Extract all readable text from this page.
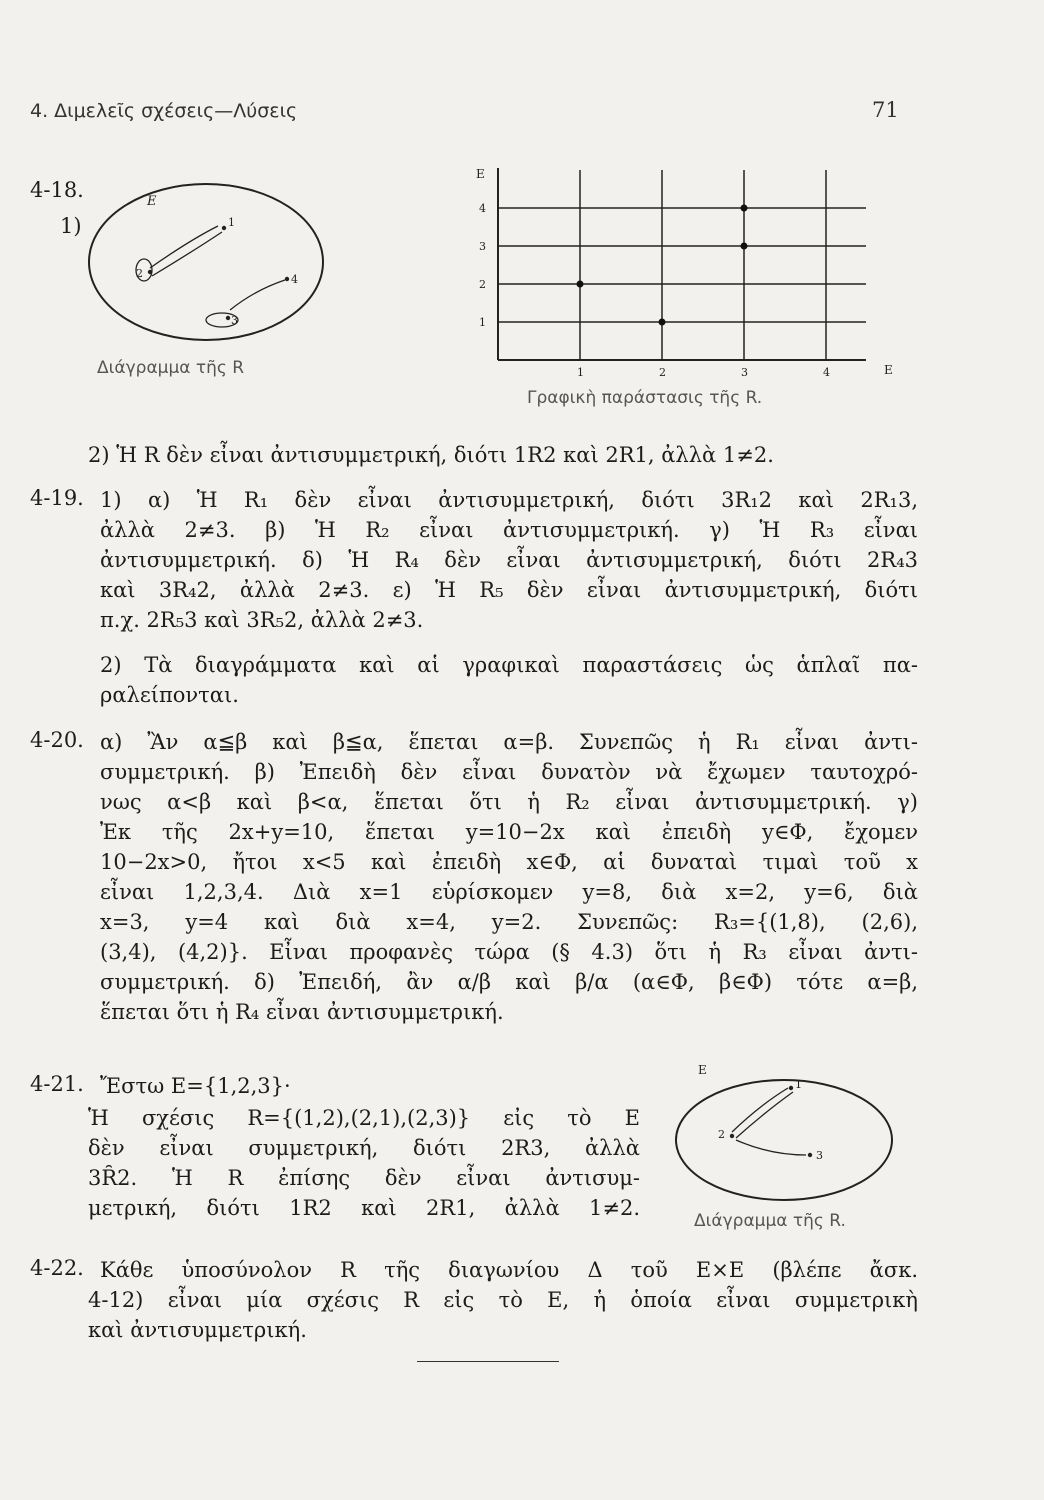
4. Διμελεῖς σχέσεις—Λύσεις	71
4-18.
1)
E
1
2	4
3
Διάγραμμα τῆς R
1
2
3
4
1	2	3	4
E
E
Γραφικὴ παράστασις τῆς R.
2) Ἡ R δὲν εἶναι ἀντισυμμετρική, διότι 1R2 καὶ 2R1, ἀλλὰ 1≠2.
4-19. 1) α) Ἡ R₁ δὲν εἶναι ἀντισυμμετρική, διότι 3R₁2 καὶ 2R₁3,
ἀλλὰ 2≠3. β) Ἡ R₂ εἶναι ἀντισυμμετρική. γ) Ἡ R₃ εἶναι
ἀντισυμμετρική. δ) Ἡ R₄ δὲν εἶναι ἀντισυμμετρική, διότι 2R₄3
καὶ 3R₄2, ἀλλὰ 2≠3. ε) Ἡ R₅ δὲν εἶναι ἀντισυμμετρική, διότι
π.χ. 2R₅3 καὶ 3R₅2, ἀλλὰ 2≠3.
2) Τὰ διαγράμματα καὶ αἱ γραφικαὶ παραστάσεις ὡς ἁπλαῖ πα-
ραλείπονται.
4-20. α) Ἂν α≦β καὶ β≦α, ἕπεται α=β. Συνεπῶς ἡ R₁ εἶναι ἀντι-
συμμετρική. β) Ἐπειδὴ δὲν εἶναι δυνατὸν νὰ ἔχωμεν ταυτοχρό-
νως α<β καὶ β<α, ἕπεται ὅτι ἡ R₂ εἶναι ἀντισυμμετρική. γ)
Ἐκ τῆς 2x+y=10, ἕπεται y=10−2x καὶ ἐπειδὴ y∈Φ, ἔχομεν
10−2x>0, ἤτοι x<5 καὶ ἐπειδὴ x∈Φ, αἱ δυναταὶ τιμαὶ τοῦ x
εἶναι 1,2,3,4. Διὰ x=1 εὑρίσκομεν y=8, διὰ x=2, y=6, διὰ
x=3, y=4 καὶ διὰ x=4, y=2. Συνεπῶς: R₃={(1,8), (2,6),
(3,4), (4,2)}. Εἶναι προφανὲς τώρα (§ 4.3) ὅτι ἡ R₃ εἶναι ἀντι-
συμμετρική. δ) Ἐπειδή, ἂν α/β καὶ β/α (α∈Φ, β∈Φ) τότε α=β,
ἕπεται ὅτι ἡ R₄ εἶναι ἀντισυμμετρική.
4-21. Ἔστω E={1,2,3}·
Ἡ σχέσις R={(1,2),(2,1),(2,3)} εἰς τὸ E
δὲν εἶναι συμμετρική, διότι 2R3, ἀλλὰ
3Ȓ2. Ἡ R ἐπίσης δὲν εἶναι ἀντισυμ-
μετρική, διότι 1R2 καὶ 2R1, ἀλλὰ 1≠2.
E
1
2
3
Διάγραμμα τῆς R.
4-22. Κάθε ὑποσύνολον R τῆς διαγωνίου Δ τοῦ E×E (βλέπε ἄσκ.
4-12) εἶναι μία σχέσις R εἰς τὸ E, ἡ ὁποία εἶναι συμμετρικὴ
καὶ ἀντισυμμετρική.
